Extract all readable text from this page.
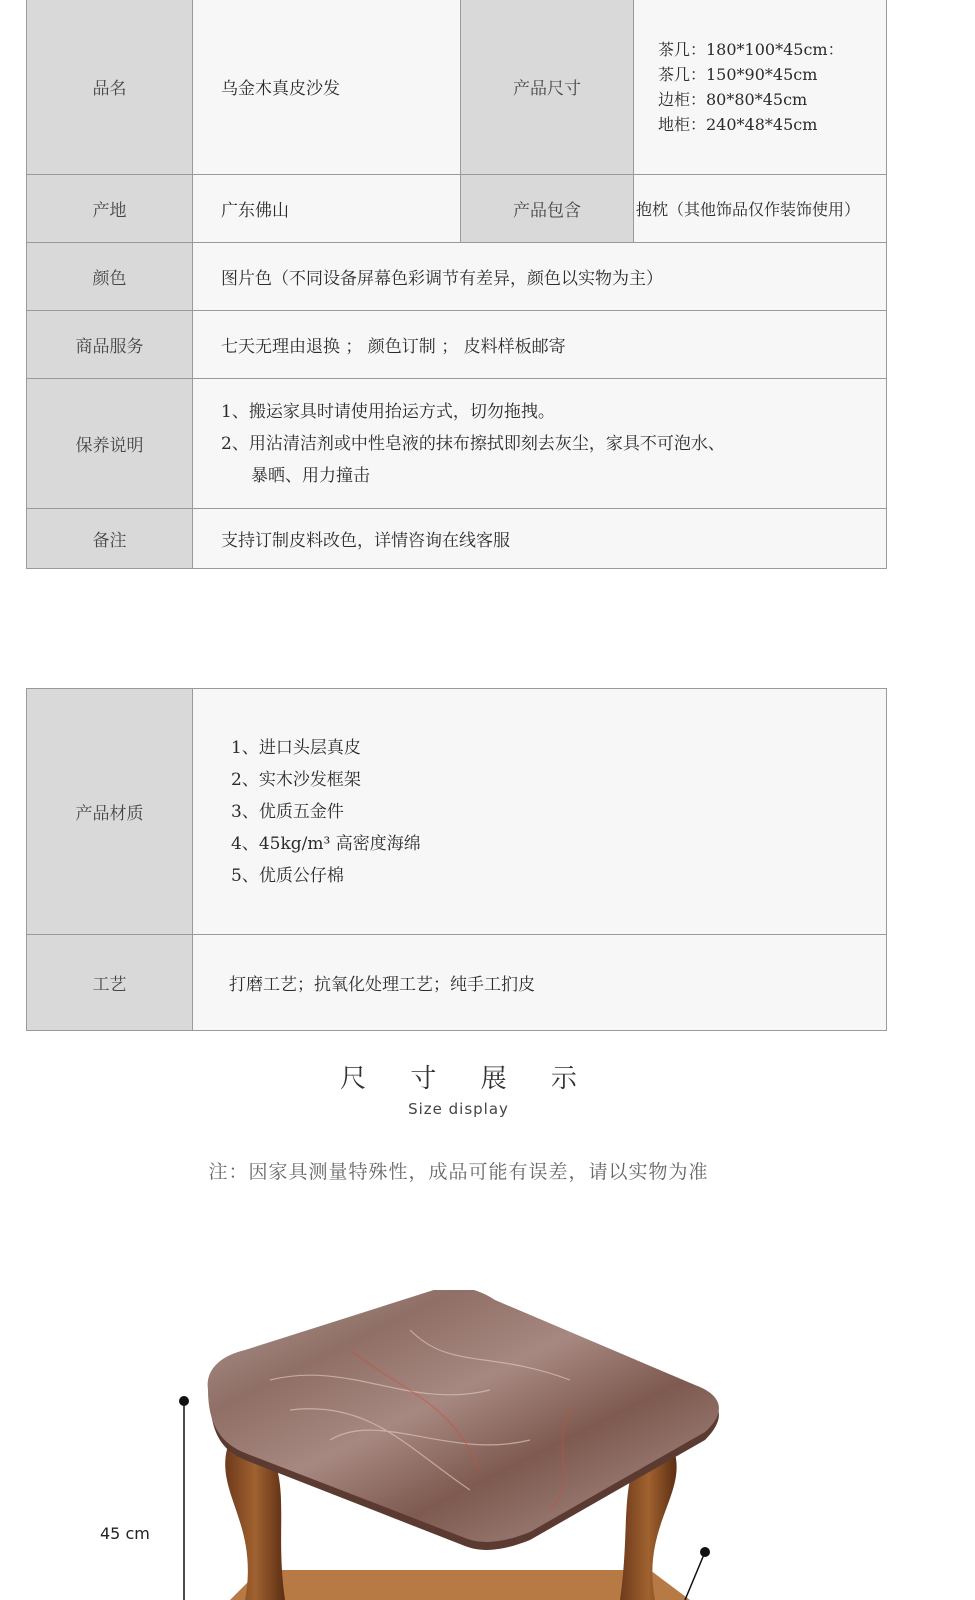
品名	乌金木真皮沙发	产品尺寸	茶几：180*100*45cm：
茶几：150*90*45cm
边柜：80*80*45cm
地柜：240*48*45cm

产地	广东佛山	产品包含	抱枕（其他饰品仅作装饰使用）
颜色	图片色（不同设备屏幕色彩调节有差异，颜色以实物为主）		
商品服务	七天无理由退换 ； 颜色订制 ； 皮料样板邮寄		
保养说明	1、搬运家具时请使用抬运方式，切勿拖拽。
2、用沾清洁剂或中性皂液的抹布擦拭即刻去灰尘，家具不可泡水、
暴晒、用力撞击		

备注	支持订制皮料改色，详情咨询在线客服		
产品材质	1、进口头层真皮
2、实木沙发框架
3、优质五金件
4、45kg/m³ 高密度海绵
5、优质公仔棉

工艺	打磨工艺；抗氧化处理工艺；纯手工扪皮
尺 寸 展 示
Size display
注：因家具测量特殊性，成品可能有误差，请以实物为准
45 cm
